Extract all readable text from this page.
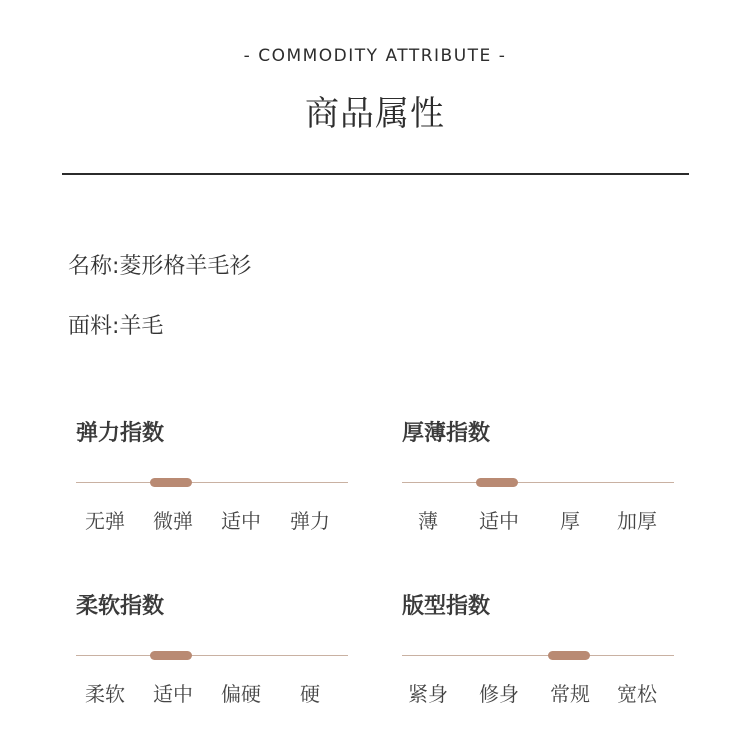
- COMMODITY ATTRIBUTE -
商品属性
名称:菱形格羊毛衫
面料:羊毛
弹力指数
无弹	微弹	适中	弹力
厚薄指数
薄	适中	厚	加厚
柔软指数
柔软	适中	偏硬	硬
版型指数
紧身	修身	常规	宽松
